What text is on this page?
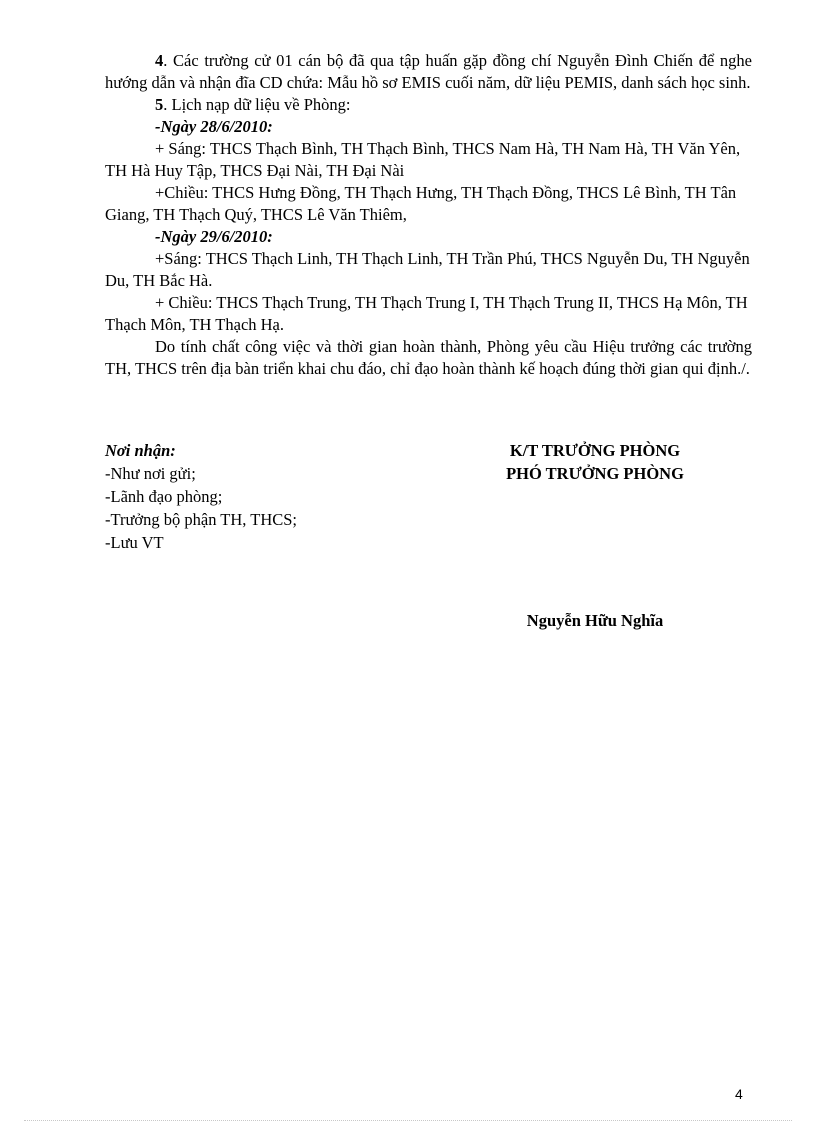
4. Các trường cử 01 cán bộ đã qua tập huấn gặp đồng chí Nguyễn Đình Chiến để nghe hướng dẫn và nhận đĩa CD chứa: Mẫu hồ sơ EMIS cuối năm, dữ liệu PEMIS, danh sách học sinh.

5. Lịch nạp dữ liệu về Phòng:

-Ngày 28/6/2010:

+ Sáng: THCS Thạch Bình, TH Thạch Bình, THCS Nam Hà, TH Nam Hà, TH Văn Yên, TH Hà Huy Tập, THCS Đại Nài, TH Đại Nài

+Chiều: THCS Hưng Đồng, TH Thạch Hưng, TH Thạch Đồng, THCS Lê Bình, TH Tân Giang, TH Thạch Quý, THCS Lê Văn Thiêm,

-Ngày 29/6/2010:

+Sáng: THCS Thạch Linh, TH Thạch Linh, TH Trần Phú, THCS Nguyễn Du, TH Nguyễn Du, TH Bắc Hà.

+ Chiều: THCS Thạch Trung, TH Thạch Trung I, TH Thạch Trung II, THCS Hạ Môn, TH Thạch Môn, TH Thạch Hạ.

Do tính chất công việc và thời gian hoàn thành, Phòng yêu cầu Hiệu trưởng các trường TH, THCS trên địa bàn triển khai chu đáo, chỉ đạo hoàn thành kế hoạch đúng thời gian qui định./.

Nơi nhận:
-Như nơi gửi;
-Lãnh đạo phòng;
-Trưởng bộ phận TH, THCS;
-Lưu VT
K/T TRƯỞNG PHÒNG
PHÓ TRƯỞNG PHÒNG
Nguyễn Hữu Nghĩa
4
